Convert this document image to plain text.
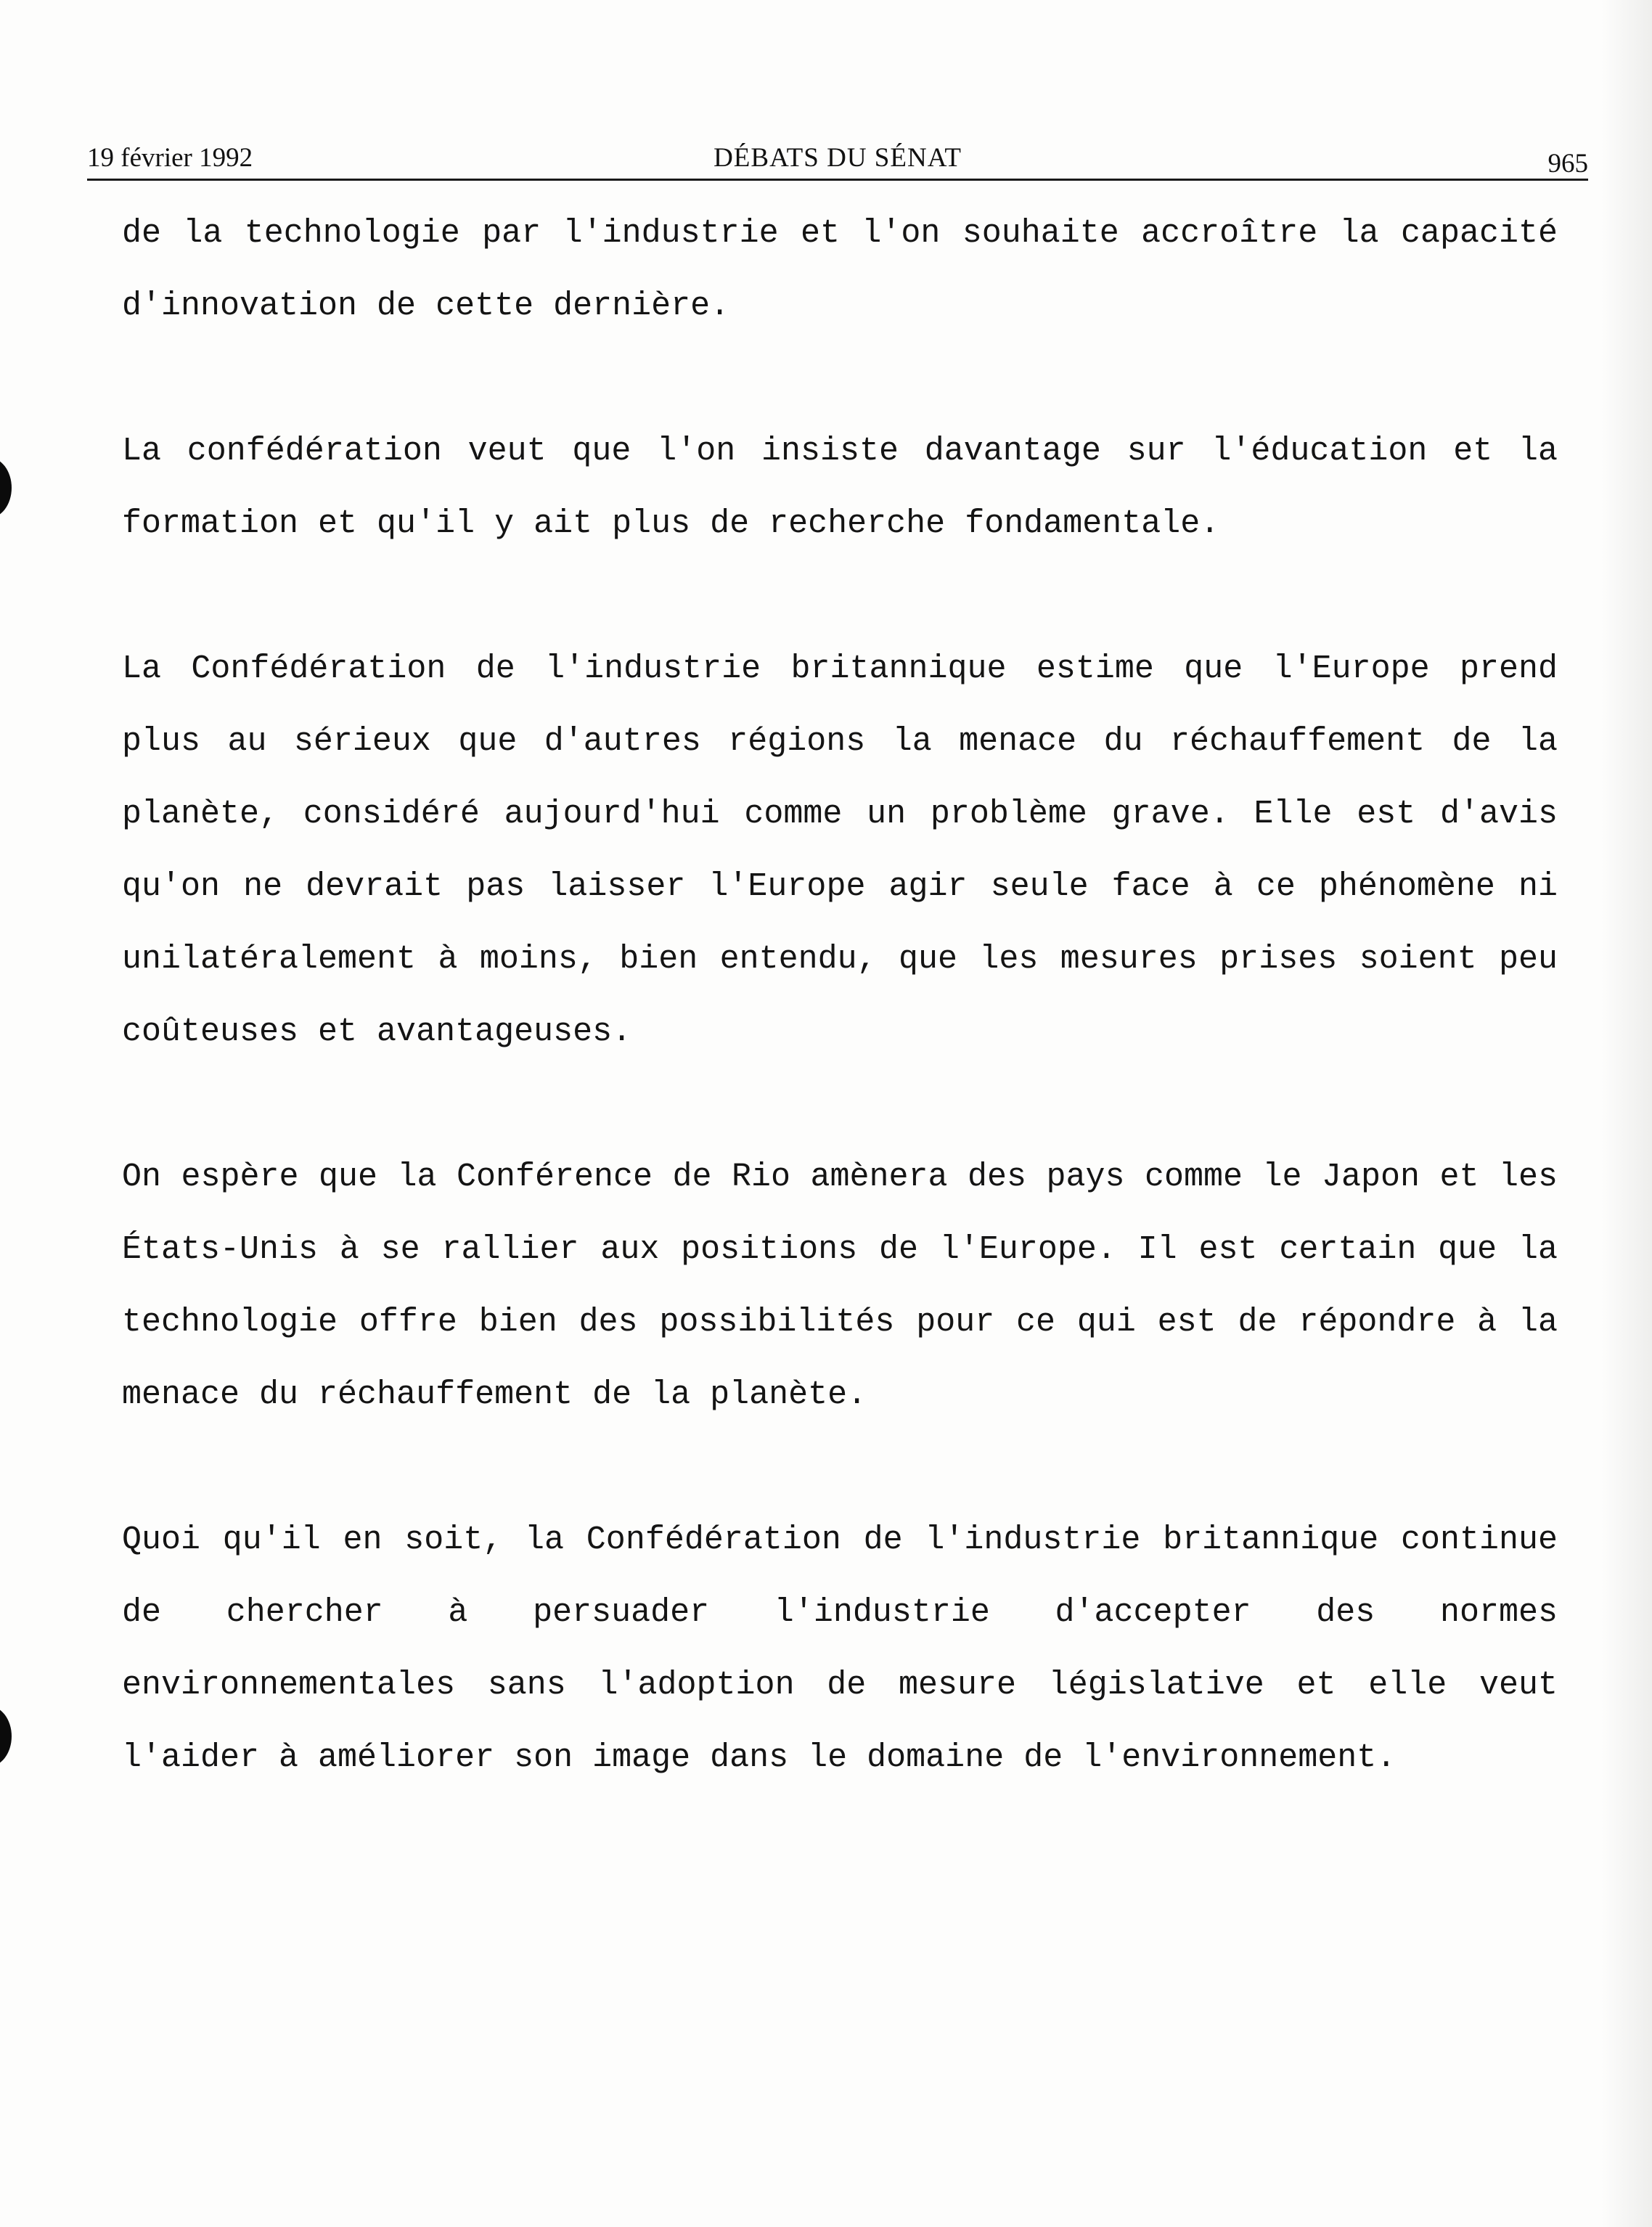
19 février 1992	DÉBATS DU SÉNAT	965

de la technologie par l'industrie et l'on souhaite accroître la capacité d'innovation de cette dernière.

La confédération veut que l'on insiste davantage sur l'éducation et la formation et qu'il y ait plus de recherche fondamentale.

La Confédération de l'industrie britannique estime que l'Europe prend plus au sérieux que d'autres régions la menace du réchauffement de la planète, considéré aujourd'hui comme un problème grave. Elle est d'avis qu'on ne devrait pas laisser l'Europe agir seule face à ce phénomène ni unilatéralement à moins, bien entendu, que les mesures prises soient peu coûteuses et avantageuses.

On espère que la Conférence de Rio amènera des pays comme le Japon et les États-Unis à se rallier aux positions de l'Europe. Il est certain que la technologie offre bien des possibilités pour ce qui est de répondre à la menace du réchauffement de la planète.

Quoi qu'il en soit, la Confédération de l'industrie britannique continue de chercher à persuader l'industrie d'accepter des normes environnementales sans l'adoption de mesure législative et elle veut l'aider à améliorer son image dans le domaine de l'environnement.
